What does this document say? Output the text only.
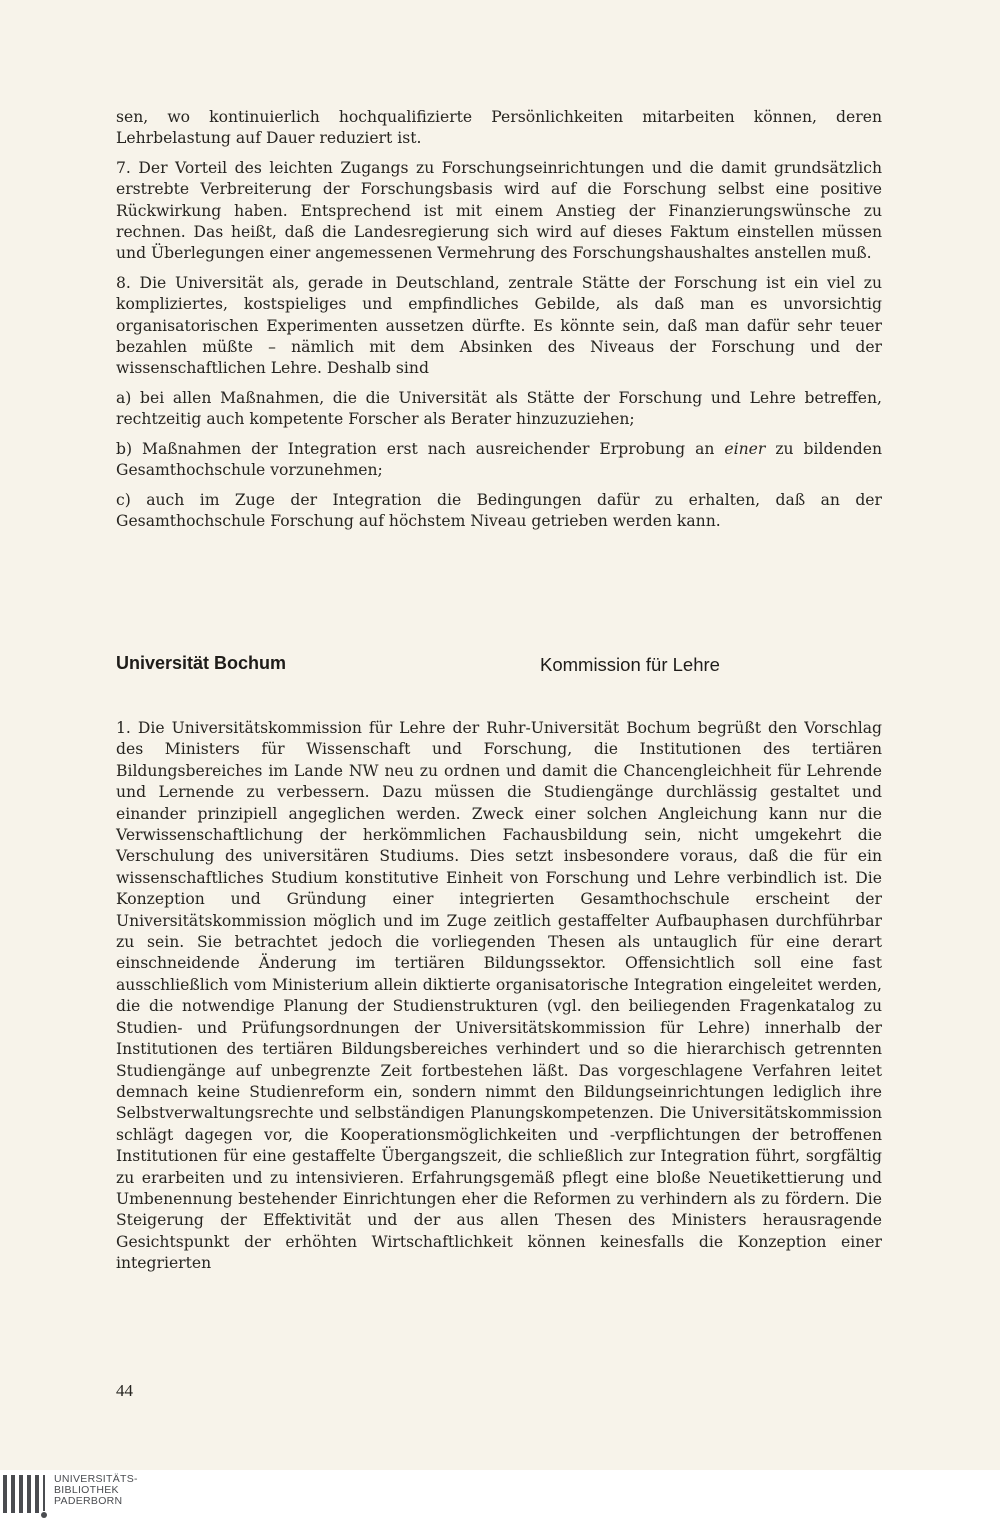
sen, wo kontinuierlich hochqualifizierte Persönlichkeiten mitarbeiten können, deren Lehrbelastung auf Dauer reduziert ist.

7. Der Vorteil des leichten Zugangs zu Forschungseinrichtungen und die damit grundsätzlich erstrebte Verbreiterung der Forschungsbasis wird auf die Forschung selbst eine positive Rückwirkung haben. Entsprechend ist mit einem Anstieg der Finanzierungswünsche zu rechnen. Das heißt, daß die Landesregierung sich wird auf dieses Faktum einstellen müssen und Überlegungen einer angemessenen Vermehrung des Forschungshaushaltes anstellen muß.

8. Die Universität als, gerade in Deutschland, zentrale Stätte der Forschung ist ein viel zu kompliziertes, kostspieliges und empfindliches Gebilde, als daß man es unvorsichtig organisatorischen Experimenten aussetzen dürfte. Es könnte sein, daß man dafür sehr teuer bezahlen müßte – nämlich mit dem Absinken des Niveaus der Forschung und der wissenschaftlichen Lehre. Deshalb sind

a) bei allen Maßnahmen, die die Universität als Stätte der Forschung und Lehre betreffen, rechtzeitig auch kompetente Forscher als Berater hinzuzuziehen;

b) Maßnahmen der Integration erst nach ausreichender Erprobung an einer zu bildenden Gesamthochschule vorzunehmen;

c) auch im Zuge der Integration die Bedingungen dafür zu erhalten, daß an der Gesamthochschule Forschung auf höchstem Niveau getrieben werden kann.

Universität Bochum	Kommission für Lehre

1. Die Universitätskommission für Lehre der Ruhr-Universität Bochum begrüßt den Vorschlag des Ministers für Wissenschaft und Forschung, die Institutionen des tertiären Bildungsbereiches im Lande NW neu zu ordnen und damit die Chancengleichheit für Lehrende und Lernende zu verbessern. Dazu müssen die Studiengänge durchlässig gestaltet und einander prinzipiell angeglichen werden. Zweck einer solchen Angleichung kann nur die Verwissenschaftlichung der herkömmlichen Fachausbildung sein, nicht umgekehrt die Verschulung des universitären Studiums. Dies setzt insbesondere voraus, daß die für ein wissenschaftliches Studium konstitutive Einheit von Forschung und Lehre verbindlich ist. Die Konzeption und Gründung einer integrierten Gesamthochschule erscheint der Universitätskommission möglich und im Zuge zeitlich gestaffelter Aufbauphasen durchführbar zu sein. Sie betrachtet jedoch die vorliegenden Thesen als untauglich für eine derart einschneidende Änderung im tertiären Bildungssektor. Offensichtlich soll eine fast ausschließlich vom Ministerium allein diktierte organisatorische Integration eingeleitet werden, die die notwendige Planung der Studienstrukturen (vgl. den beiliegenden Fragenkatalog zu Studien- und Prüfungsordnungen der Universitätskommission für Lehre) innerhalb der Institutionen des tertiären Bildungsbereiches verhindert und so die hierarchisch getrennten Studiengänge auf unbegrenzte Zeit fortbestehen läßt. Das vorgeschlagene Verfahren leitet demnach keine Studienreform ein, sondern nimmt den Bildungseinrichtungen lediglich ihre Selbstverwaltungsrechte und selbständigen Planungskompetenzen. Die Universitätskommission schlägt dagegen vor, die Kooperationsmöglichkeiten und -verpflichtungen der betroffenen Institutionen für eine gestaffelte Übergangszeit, die schließlich zur Integration führt, sorgfältig zu erarbeiten und zu intensivieren. Erfahrungsgemäß pflegt eine bloße Neuetikettierung und Umbenennung bestehender Einrichtungen eher die Reformen zu verhindern als zu fördern. Die Steigerung der Effektivität und der aus allen Thesen des Ministers herausragende Gesichtspunkt der erhöhten Wirtschaftlichkeit können keinesfalls die Konzeption einer integrierten

44
UNIVERSITÄTS-
BIBLIOTHEK
PADERBORN
